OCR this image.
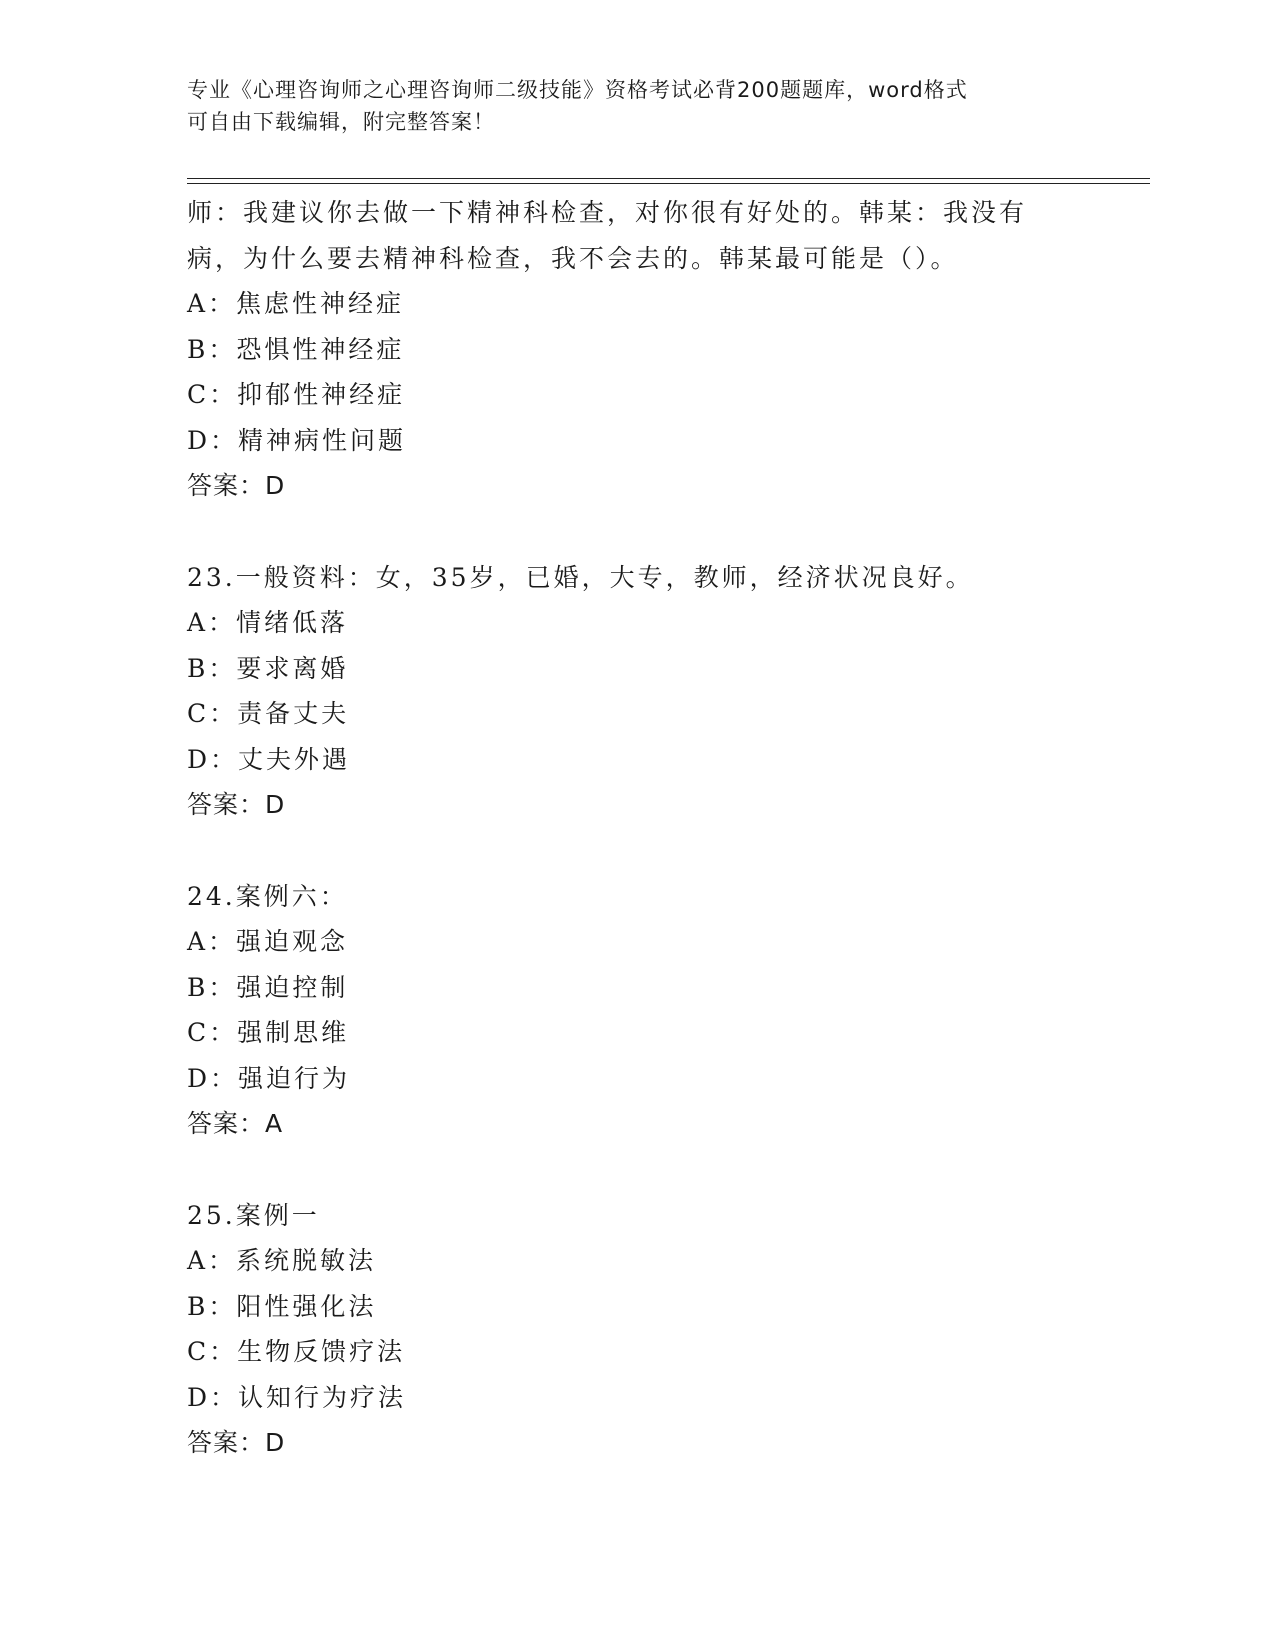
专业《心理咨询师之心理咨询师二级技能》资格考试必背200题题库，word格式
可自由下载编辑，附完整答案！
师：我建议你去做一下精神科检查，对你很有好处的。韩某：我没有
病，为什么要去精神科检查，我不会去的。韩某最可能是（）。
A：焦虑性神经症
B：恐惧性神经症
C：抑郁性神经症
D：精神病性问题
答案：D
23.一般资料：女，35岁，已婚，大专，教师，经济状况良好。
A：情绪低落
B：要求离婚
C：责备丈夫
D：丈夫外遇
答案：D
24.案例六：
A：强迫观念
B：强迫控制
C：强制思维
D：强迫行为
答案：A
25.案例一
A：系统脱敏法
B：阳性强化法
C：生物反馈疗法
D：认知行为疗法
答案：D
